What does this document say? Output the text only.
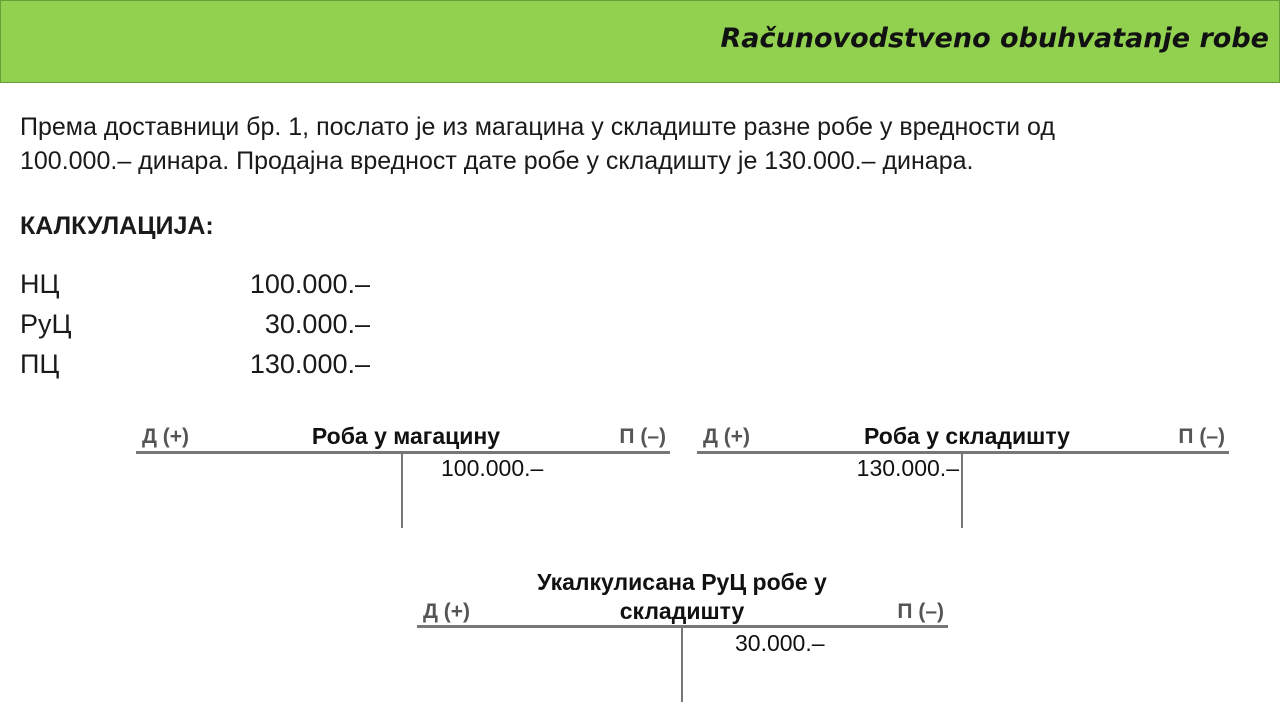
Računovodstveno obuhvatanje robe
Према доставници бр. 1, послато је из магацина у складиште разне робе у вредности од
100.000.– динара. Продајна вредност дате робе у складишту је 130.000.– динара.
КАЛКУЛАЦИЈА:
НЦ	100.000.–
РуЦ	30.000.–
ПЦ	130.000.–
Д (+)	Роба у магацину	П (–)
100.000.–
Д (+)	Роба у складишту	П (–)
130.000.–
Укалкулисана РуЦ робе у
Д (+)	складишту	П (–)
30.000.–
